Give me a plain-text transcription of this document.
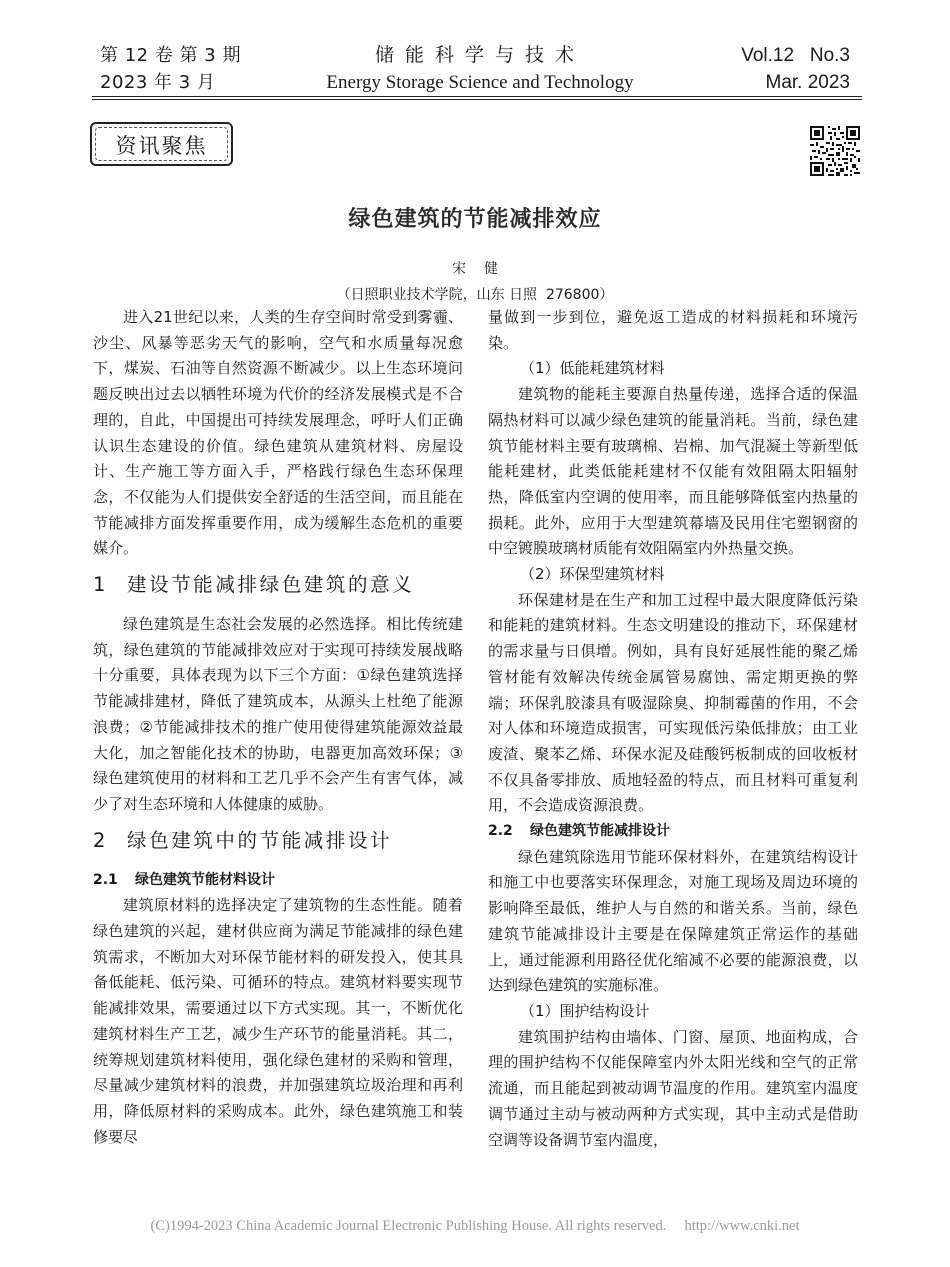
第 12 卷 第 3 期
2023 年 3 月
储能科学与技术
Energy Storage Science and Technology
Vol.12   No.3
Mar. 2023
资讯聚焦
绿色建筑的节能减排效应
宋健
（日照职业技术学院，山东 日照  276800）

进入21世纪以来，人类的生存空间时常受到雾霾、沙尘、风暴等恶劣天气的影响，空气和水质量每况愈下，煤炭、石油等自然资源不断减少。以上生态环境问题反映出过去以牺牲环境为代价的经济发展模式是不合理的，自此，中国提出可持续发展理念，呼吁人们正确认识生态建设的价值。绿色建筑从建筑材料、房屋设计、生产施工等方面入手，严格践行绿色生态环保理念，不仅能为人们提供安全舒适的生活空间，而且能在节能减排方面发挥重要作用，成为缓解生态危机的重要媒介。

1 建设节能减排绿色建筑的意义

绿色建筑是生态社会发展的必然选择。相比传统建筑，绿色建筑的节能减排效应对于实现可持续发展战略十分重要，具体表现为以下三个方面：①绿色建筑选择节能减排建材，降低了建筑成本，从源头上杜绝了能源浪费；②节能减排技术的推广使用使得建筑能源效益最大化，加之智能化技术的协助，电器更加高效环保；③绿色建筑使用的材料和工艺几乎不会产生有害气体，减少了对生态环境和人体健康的威胁。

2 绿色建筑中的节能减排设计
2.1 绿色建筑节能材料设计

建筑原材料的选择决定了建筑物的生态性能。随着绿色建筑的兴起，建材供应商为满足节能减排的绿色建筑需求，不断加大对环保节能材料的研发投入，使其具备低能耗、低污染、可循环的特点。建筑材料要实现节能减排效果，需要通过以下方式实现。其一，不断优化建筑材料生产工艺，减少生产环节的能量消耗。其二，统筹规划建筑材料使用，强化绿色建材的采购和管理，尽量减少建筑材料的浪费，并加强建筑垃圾治理和再利用，降低原材料的采购成本。此外，绿色建筑施工和装修要尽

量做到一步到位，避免返工造成的材料损耗和环境污染。

（1）低能耗建筑材料

建筑物的能耗主要源自热量传递，选择合适的保温隔热材料可以减少绿色建筑的能量消耗。当前，绿色建筑节能材料主要有玻璃棉、岩棉、加气混凝土等新型低能耗建材，此类低能耗建材不仅能有效阻隔太阳辐射热，降低室内空调的使用率，而且能够降低室内热量的损耗。此外，应用于大型建筑幕墙及民用住宅塑钢窗的中空镀膜玻璃材质能有效阻隔室内外热量交换。

（2）环保型建筑材料

环保建材是在生产和加工过程中最大限度降低污染和能耗的建筑材料。生态文明建设的推动下，环保建材的需求量与日俱增。例如，具有良好延展性能的聚乙烯管材能有效解决传统金属管易腐蚀、需定期更换的弊端；环保乳胶漆具有吸湿除臭、抑制霉菌的作用，不会对人体和环境造成损害，可实现低污染低排放；由工业废渣、聚苯乙烯、环保水泥及硅酸钙板制成的回收板材不仅具备零排放、质地轻盈的特点，而且材料可重复利用，不会造成资源浪费。

2.2 绿色建筑节能减排设计

绿色建筑除选用节能环保材料外，在建筑结构设计和施工中也要落实环保理念，对施工现场及周边环境的影响降至最低，维护人与自然的和谐关系。当前，绿色建筑节能减排设计主要是在保障建筑正常运作的基础上，通过能源利用路径优化缩减不必要的能源浪费，以达到绿色建筑的实施标准。

（1）围护结构设计

建筑围护结构由墙体、门窗、屋顶、地面构成，合理的围护结构不仅能保障室内外太阳光线和空气的正常流通，而且能起到被动调节温度的作用。建筑室内温度调节通过主动与被动两种方式实现，其中主动式是借助空调等设备调节室内温度，

(C)1994-2023 China Academic Journal Electronic Publishing House. All rights reserved.     http://www.cnki.net
